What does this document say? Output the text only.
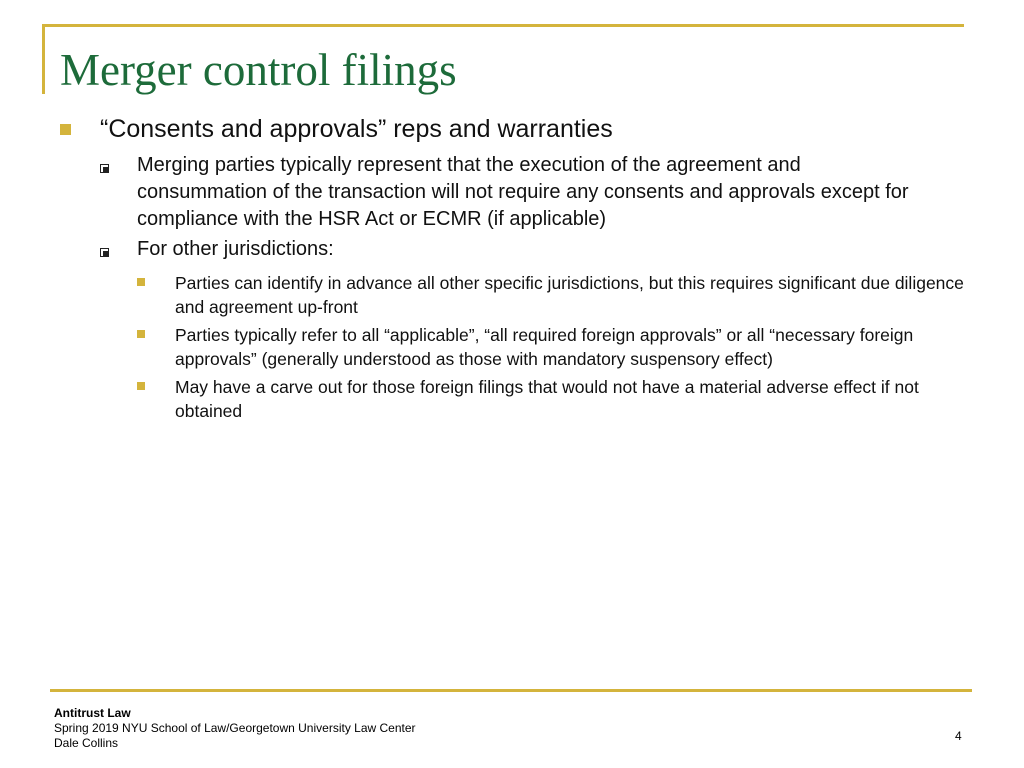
Merger control filings
“Consents and approvals” reps and warranties
Merging parties typically represent that the execution of the agreement and consummation of the transaction will not require any consents and approvals except for compliance with the HSR Act or ECMR (if applicable)
For other jurisdictions:
Parties can identify in advance all other specific jurisdictions, but this requires significant due diligence and agreement up-front
Parties typically refer to all “applicable”, “all required foreign approvals” or all “necessary foreign approvals” (generally understood as those with mandatory suspensory effect)
May have a carve out for those foreign filings that would not have a material adverse effect if not obtained
Antitrust Law
Spring 2019 NYU School of Law/Georgetown University Law Center
Dale Collins	4
